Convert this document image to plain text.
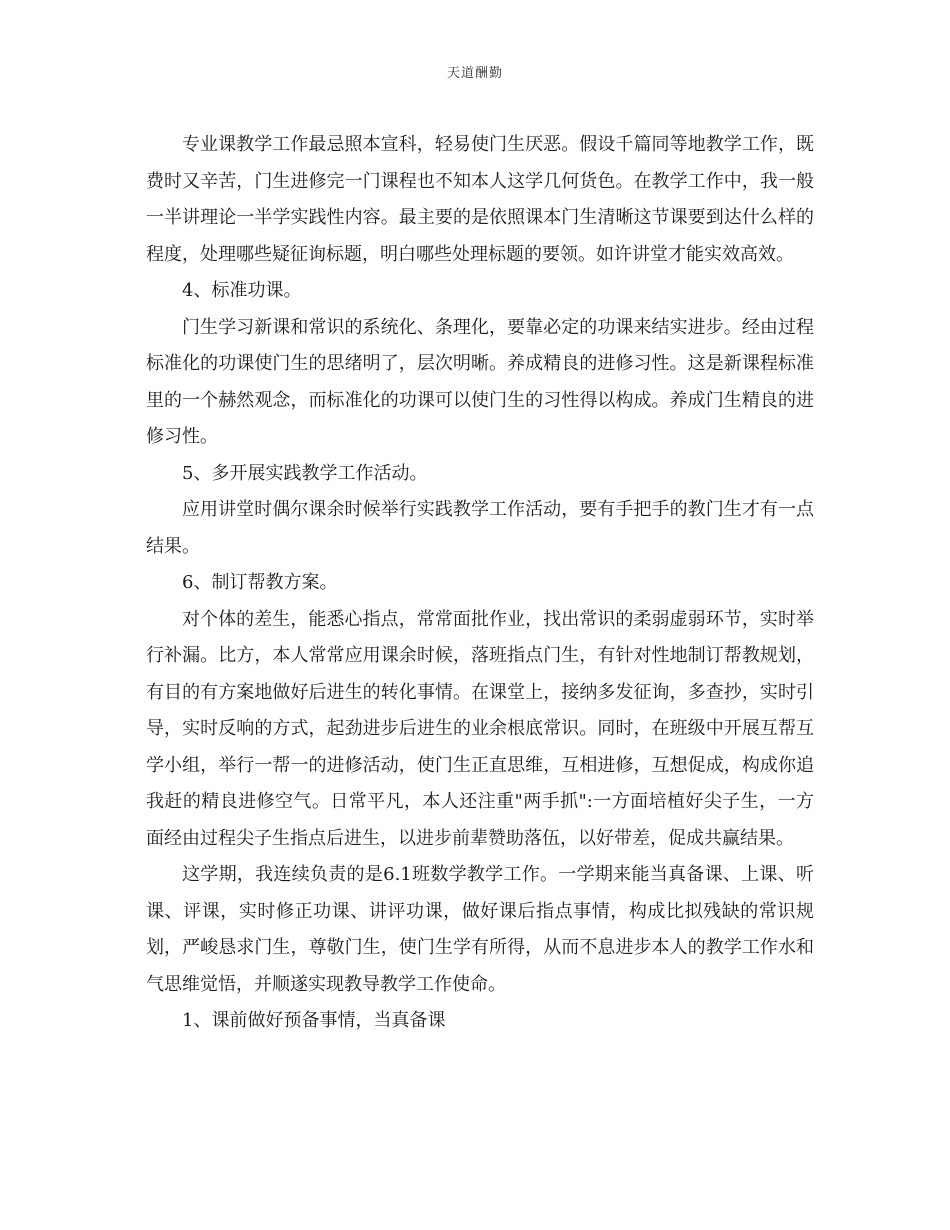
天道酬勤

专业课教学工作最忌照本宣科，轻易使门生厌恶。假设千篇同等地教学工作，既费时又辛苦，门生进修完一门课程也不知本人这学几何货色。在教学工作中，我一般一半讲理论一半学实践性内容。最主要的是依照课本门生清晰这节课要到达什么样的程度，处理哪些疑征询标题，明白哪些处理标题的要领。如许讲堂才能实效高效。

4、标准功课。

门生学习新课和常识的系统化、条理化，要靠必定的功课来结实进步。经由过程标准化的功课使门生的思绪明了，层次明晰。养成精良的进修习性。这是新课程标准里的一个赫然观念，而标准化的功课可以使门生的习性得以构成。养成门生精良的进修习性。

5、多开展实践教学工作活动。

应用讲堂时偶尔课余时候举行实践教学工作活动，要有手把手的教门生才有一点结果。

6、制订帮教方案。

对个体的差生，能悉心指点，常常面批作业，找出常识的柔弱虚弱环节，实时举行补漏。比方，本人常常应用课余时候，落班指点门生，有针对性地制订帮教规划，有目的有方案地做好后进生的转化事情。在课堂上，接纳多发征询，多查抄，实时引导，实时反响的方式，起劲进步后进生的业余根底常识。同时，在班级中开展互帮互学小组，举行一帮一的进修活动，使门生正直思维，互相进修，互想促成，构成你追我赶的精良进修空气。日常平凡，本人还注重"两手抓":一方面培植好尖子生，一方面经由过程尖子生指点后进生，以进步前辈赞助落伍，以好带差，促成共赢结果。

这学期，我连续负责的是6.1班数学教学工作。一学期来能当真备课、上课、听课、评课，实时修正功课、讲评功课，做好课后指点事情，构成比拟残缺的常识规划，严峻恳求门生，尊敬门生，使门生学有所得，从而不息进步本人的教学工作水和气思维觉悟，并顺遂实现教导教学工作使命。

1、课前做好预备事情，当真备课
